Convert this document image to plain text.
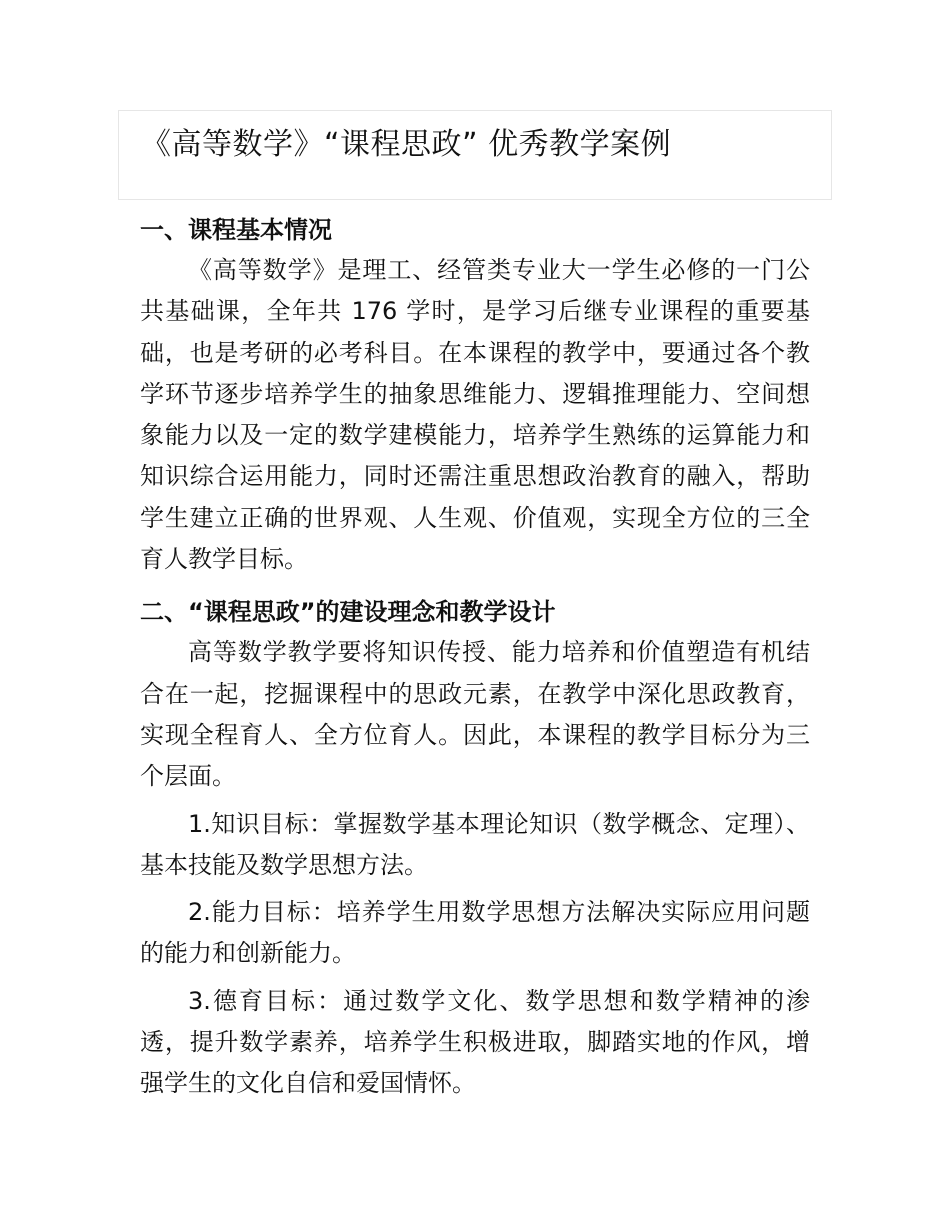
《高等数学》“课程思政” 优秀教学案例
一、课程基本情况
《高等数学》是理工、经管类专业大一学生必修的一门公共基础课，全年共 176 学时，是学习后继专业课程的重要基础，也是考研的必考科目。在本课程的教学中，要通过各个教学环节逐步培养学生的抽象思维能力、逻辑推理能力、空间想象能力以及一定的数学建模能力，培养学生熟练的运算能力和知识综合运用能力，同时还需注重思想政治教育的融入，帮助学生建立正确的世界观、人生观、价值观，实现全方位的三全育人教学目标。
二、“课程思政”的建设理念和教学设计
高等数学教学要将知识传授、能力培养和价值塑造有机结合在一起，挖掘课程中的思政元素，在教学中深化思政教育，实现全程育人、全方位育人。因此，本课程的教学目标分为三个层面。
1.知识目标：掌握数学基本理论知识（数学概念、定理）、基本技能及数学思想方法。
2.能力目标：培养学生用数学思想方法解决实际应用问题的能力和创新能力。
3.德育目标：通过数学文化、数学思想和数学精神的渗透，提升数学素养，培养学生积极进取，脚踏实地的作风，增强学生的文化自信和爱国情怀。
